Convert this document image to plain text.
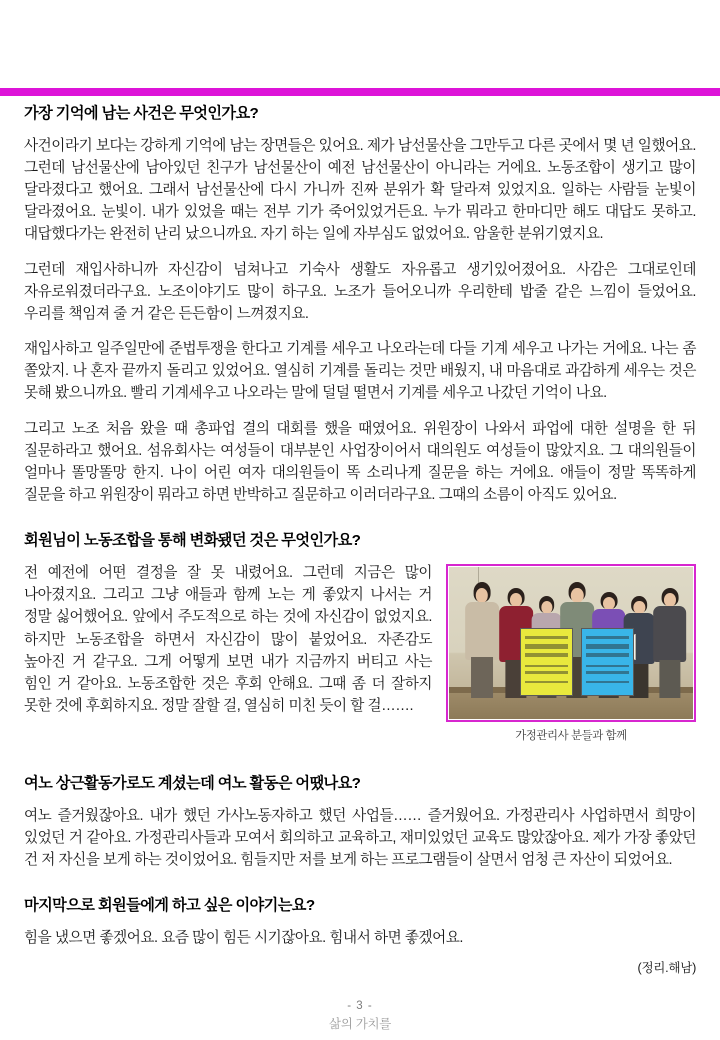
가장 기억에 남는 사건은 무엇인가요?

사건이라기 보다는 강하게 기억에 남는 장면들은 있어요. 제가 남선물산을 그만두고 다른 곳에서 몇 년 일했어요. 그런데 남선물산에 남아있던 친구가 남선물산이 예전 남선물산이 아니라는 거에요. 노동조합이 생기고 많이 달라졌다고 했어요. 그래서 남선물산에 다시 가니까 진짜 분위가 확 달라져 있었지요. 일하는 사람들 눈빛이 달라졌어요. 눈빛이. 내가 있었을 때는 전부 기가 죽어있었거든요. 누가 뭐라고 한마디만 해도 대답도 못하고. 대답했다가는 완전히 난리 났으니까요. 자기 하는 일에 자부심도 없었어요. 암울한 분위기였지요.

그런데 재입사하니까 자신감이 넘쳐나고 기숙사 생활도 자유롭고 생기있어졌어요. 사감은 그대로인데 자유로워졌더라구요. 노조이야기도 많이 하구요. 노조가 들어오니까 우리한테 밥줄 같은 느낌이 들었어요. 우리를 책임져 줄 거 같은 든든함이 느껴졌지요.

재입사하고 일주일만에 준법투쟁을 한다고 기계를 세우고 나오라는데 다들 기계 세우고 나가는 거에요. 나는 좀 쫄았지. 나 혼자 끝까지 돌리고 있었어요. 열심히 기계를 돌리는 것만 배웠지, 내 마음대로 과감하게 세우는 것은 못해 봤으니까요. 빨리 기계세우고 나오라는 말에 덜덜 떨면서 기계를 세우고 나갔던 기억이 나요.

그리고 노조 처음 왔을 때 총파업 결의 대회를 했을 때였어요. 위원장이 나와서 파업에 대한 설명을 한 뒤 질문하라고 했어요. 섬유회사는 여성들이 대부분인 사업장이어서 대의원도 여성들이 많았지요. 그 대의원들이 얼마나 똘망똘망 한지. 나이 어린 여자 대의원들이 똑 소리나게 질문을 하는 거에요. 애들이 정말 똑똑하게 질문을 하고 위원장이 뭐라고 하면 반박하고 질문하고 이러더라구요. 그때의 소름이 아직도 있어요.

회원님이 노동조합을 통해 변화됐던 것은 무엇인가요?
가정관리사 분들과 함께

전 예전에 어떤 결정을 잘 못 내렸어요. 그런데 지금은 많이 나아졌지요. 그리고 그냥 애들과 함께 노는 게 좋았지 나서는 거 정말 싫어했어요. 앞에서 주도적으로 하는 것에 자신감이 없었지요. 하지만 노동조합을 하면서 자신감이 많이 붙었어요. 자존감도 높아진 거 같구요. 그게 어떻게 보면 내가 지금까지 버티고 사는 힘인 거 같아요. 노동조합한 것은 후회 안해요. 그때 좀 더 잘하지 못한 것에 후회하지요. 정말 잘할 걸, 열심히 미친 듯이 할 걸…….

여노 상근활동가로도 계셨는데 여노 활동은 어땠나요?

여노 즐거웠잖아요. 내가 했던 가사노동자하고 했던 사업들…… 즐거웠어요. 가정관리사 사업하면서 희망이 있었던 거 같아요. 가정관리사들과 모여서 회의하고 교육하고, 재미있었던 교육도 많았잖아요. 제가 가장 좋았던 건 저 자신을 보게 하는 것이었어요. 힘들지만 저를 보게 하는 프로그램들이 살면서 엄청 큰 자산이 되었어요.

마지막으로 회원들에게 하고 싶은 이야기는요?

힘을 냈으면 좋겠어요. 요즘 많이 힘든 시기잖아요. 힘내서 하면 좋겠어요.

(정리.해남)

- 3 -
삶의 가치를
